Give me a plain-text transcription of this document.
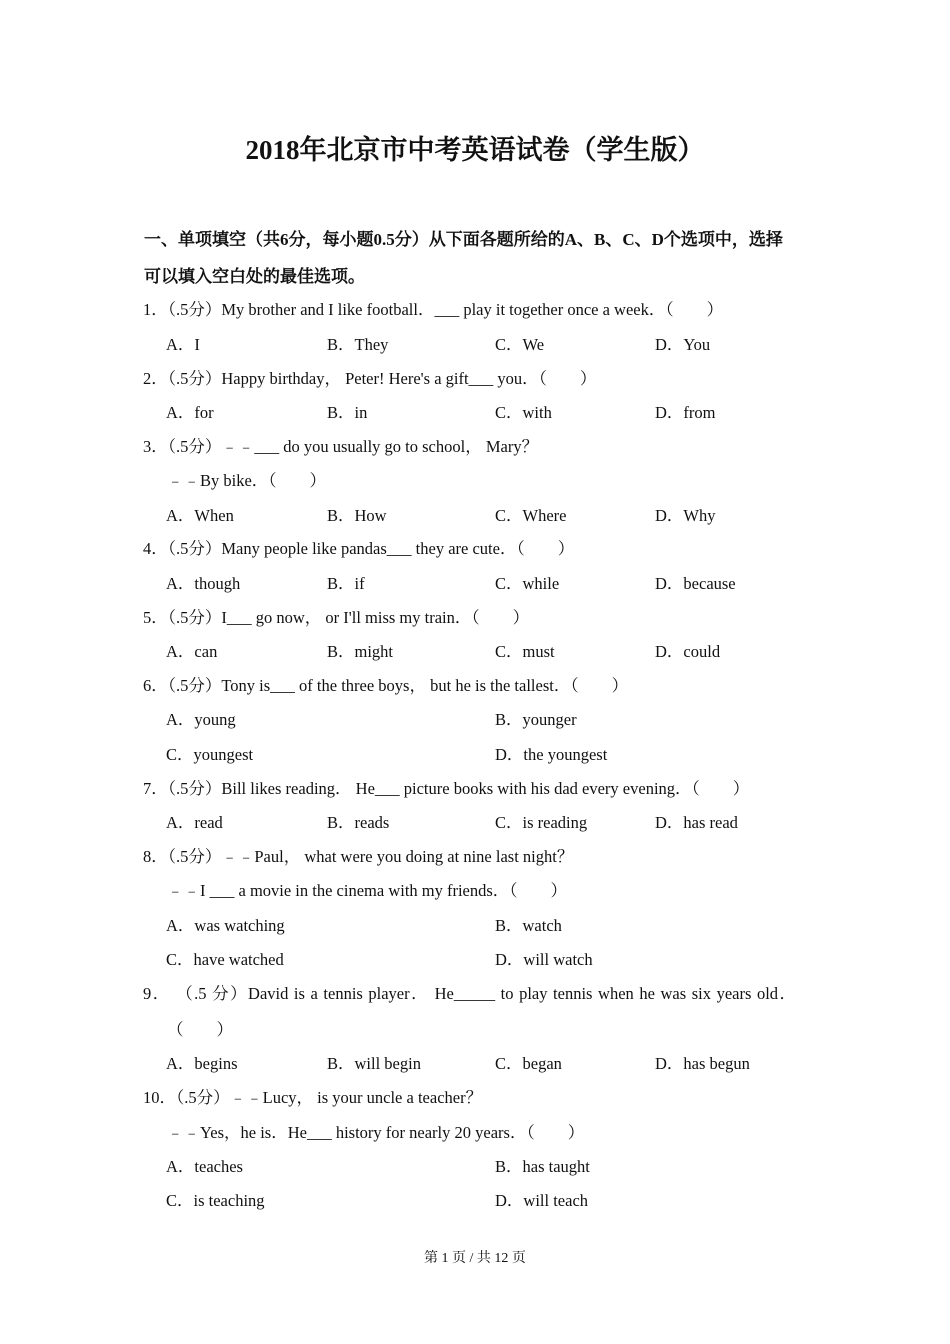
2018年北京市中考英语试卷（学生版）
一、单项填空（共6分，每小题0.5分）从下面各题所给的A、B、C、D个选项中，选择
可以填入空白处的最佳选项。
1．（.5分）My brother and I like football．___ play it together once a week．（　　）
A．I	B．They	C．We	D．You
2．（.5分）Happy birthday， Peter! Here's a gift___ you．（　　）
A．for	B．in	C．with	D．from
3．（.5分）﹣﹣___ do you usually go to school， Mary？
﹣﹣By bike．（　　）
A．When	B．How	C．Where	D．Why
4．（.5分）Many people like pandas___ they are cute．（　　）
A．though	B．if	C．while	D．because
5．（.5分）I___ go now， or I'll miss my train．（　　）
A．can	B．might	C．must	D．could
6．（.5分）Tony is___ of the three boys， but he is the tallest．（　　）
A．young	B．younger
C．youngest	D．the youngest
7．（.5分）Bill likes reading． He___ picture books with his dad every evening．（　　）
A．read	B．reads	C．is reading	D．has read
8．（.5分）﹣﹣Paul， what were you doing at nine last night？
﹣﹣I ___ a movie in the cinema with my friends．（　　）
A．was watching	B．watch
C．have watched	D．will watch
9． （.5 分）David is a tennis player． He_____ to play tennis when he was six years old．
（　　）
A．begins	B．will begin	C．began	D．has begun
10．（.5分）﹣﹣Lucy， is your uncle a teacher？
﹣﹣Yes，he is．He___ history for nearly 20 years．（　　）
A．teaches	B．has taught
C．is teaching	D．will teach
第 1 页 / 共 12 页
